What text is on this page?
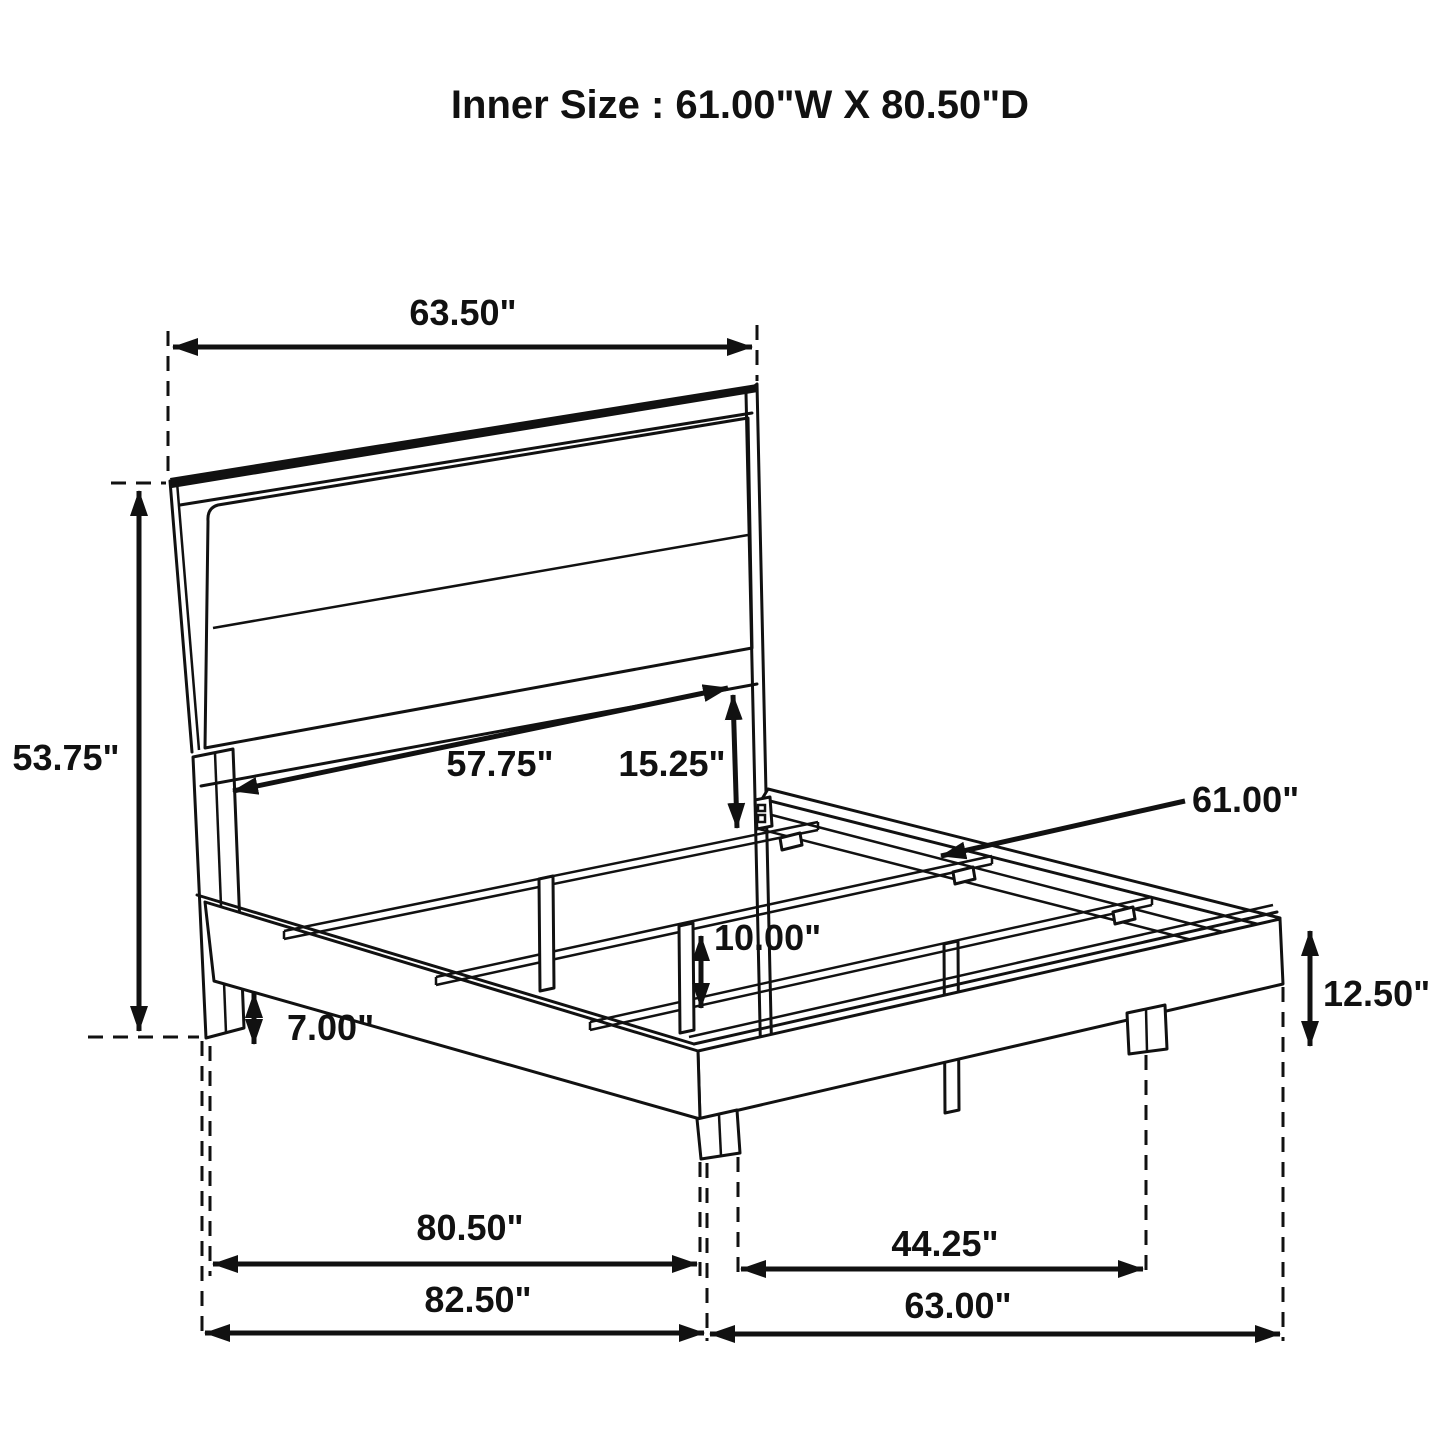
Inner Size : 61.00"W X 80.50"D
63.50"
53.75"	57.75" 15.25"
61.00"
10.00"
7.00"
12.50"
80.50"	44.25"
82.50"	63.00"
